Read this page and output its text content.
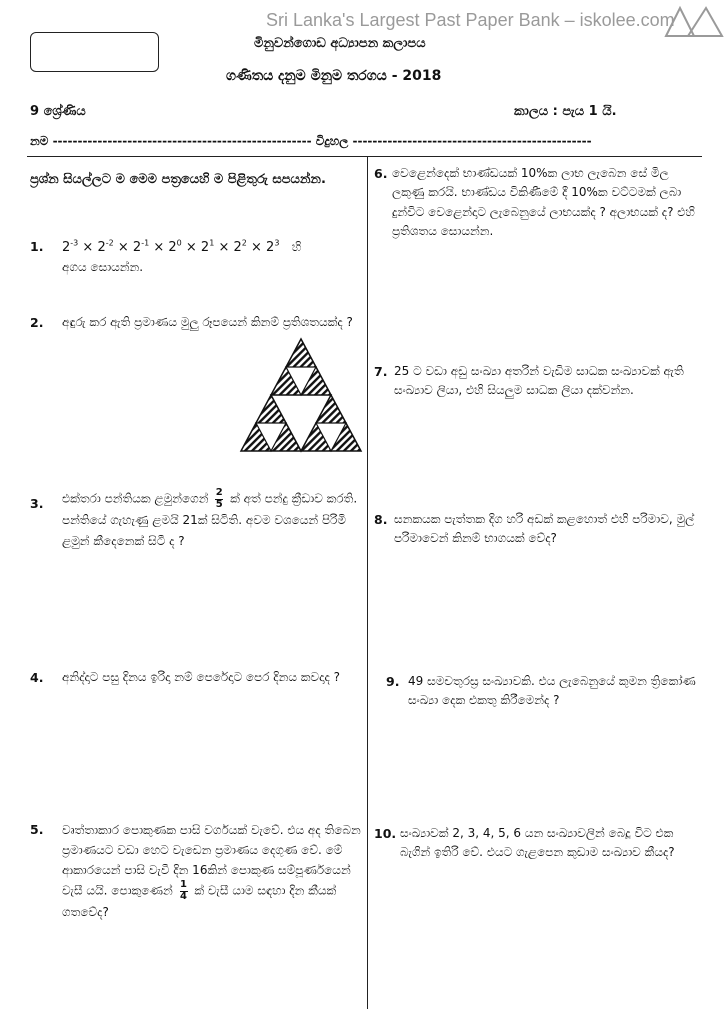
Sri Lanka's Largest Past Paper Bank – iskolee.com
මිනුවන්ගොඩ අධ්‍යාපන කලාපය
ගණිතය දනුම මිනුම තරගය - 2018
9 ශ්‍රේණිය	කාලය : පැය 1 යි.
නම ---------------------------------------------------- විදුහල ------------------------------------------------
ප්‍රශ්න සියල්ලට ම මෙම පත්‍රයෙහි ම පිළිතුරු සපයන්න.
1. $2^{-3} \times 2^{-2} \times 2^{-1} \times 2^0 \times 2^1 \times 2^2 \times 2^3$ හි
අගය සොයන්න.
2. අඳුරු කර ඇති ප්‍රමාණය මුලු රූපයෙන් කිනම් ප්‍රතිශතයක්ද ?
3. එක්තරා පන්තියක ළමුන්ගෙන් $\frac{2}{5}$ ක් අත් පන්දු ක්‍රීඩාව කරති. පන්තියේ ගැහැණු ළමයි 21ක් සිටිති. අවම වශයෙන් පිරිමි ළමුන් කීදෙනෙක් සිටී ද ?
4. අනිද්දාට පසු දිනය ඉරිදා නම් පෙරේදාට පෙර දිනය කවදාද ?
5. වෘත්තාකාර පොකුණක පාසි වර්ගයක් වැවේ. එය අද තිබෙන ප්‍රමාණයට වඩා හෙට වැඩෙන ප්‍රමාණය දෙගුණ වේ. මේ ආකාරයෙන් පාසි වැවී දින 16කින් පොකුණ සම්පූර්ණයෙන් වැසී යයි. පොකුණෙන් $\frac{1}{4}$ ක් වැසී යාම සඳහා දින කීයක් ගතවේද?
6. වෙළෙන්දෙක් භාණ්ඩයක් 10%ක ලාභ ලැබෙන සේ මිල ලකුණු කරයි. භාණ්ඩය විකිණීමේ දී 10%ක වට්ටමක් ලබා දුන්විට වෙළෙන්දාට ලැබෙනුයේ ලාභයක්ද ? අලාභයක් ද? එහි ප්‍රතිශතය සොයන්න.
7. 25 ට වඩා අඩු සංඛ්‍යා අතරින් වැඩිම සාධක සංඛ්‍යාවක් ඇති සංඛ්‍යාව ලියා, එහි සියලුම සාධක ලියා දක්වන්න.
8. සනකයක පැත්තක දිග හරි අඩක් කළහොත් එහි පරිමාව, මුල් පරිමාවෙන් කිනම් භාගයක් වේද?
9. 49 සමචතුරස්‍ර සංඛ්‍යාවකි. එය ලැබෙනුයේ කුමන ත්‍රිකෝණ සංඛ්‍යා දෙක එකතු කිරීමෙන්ද ?
10. සංඛ්‍යාවක් 2, 3, 4, 5, 6 යන සංඛ්‍යාවලින් බෙදූ විට එක බැගින් ඉතිරි වේ. එයට ගැළපෙන කුඩාම සංඛ්‍යාව කීයද?
